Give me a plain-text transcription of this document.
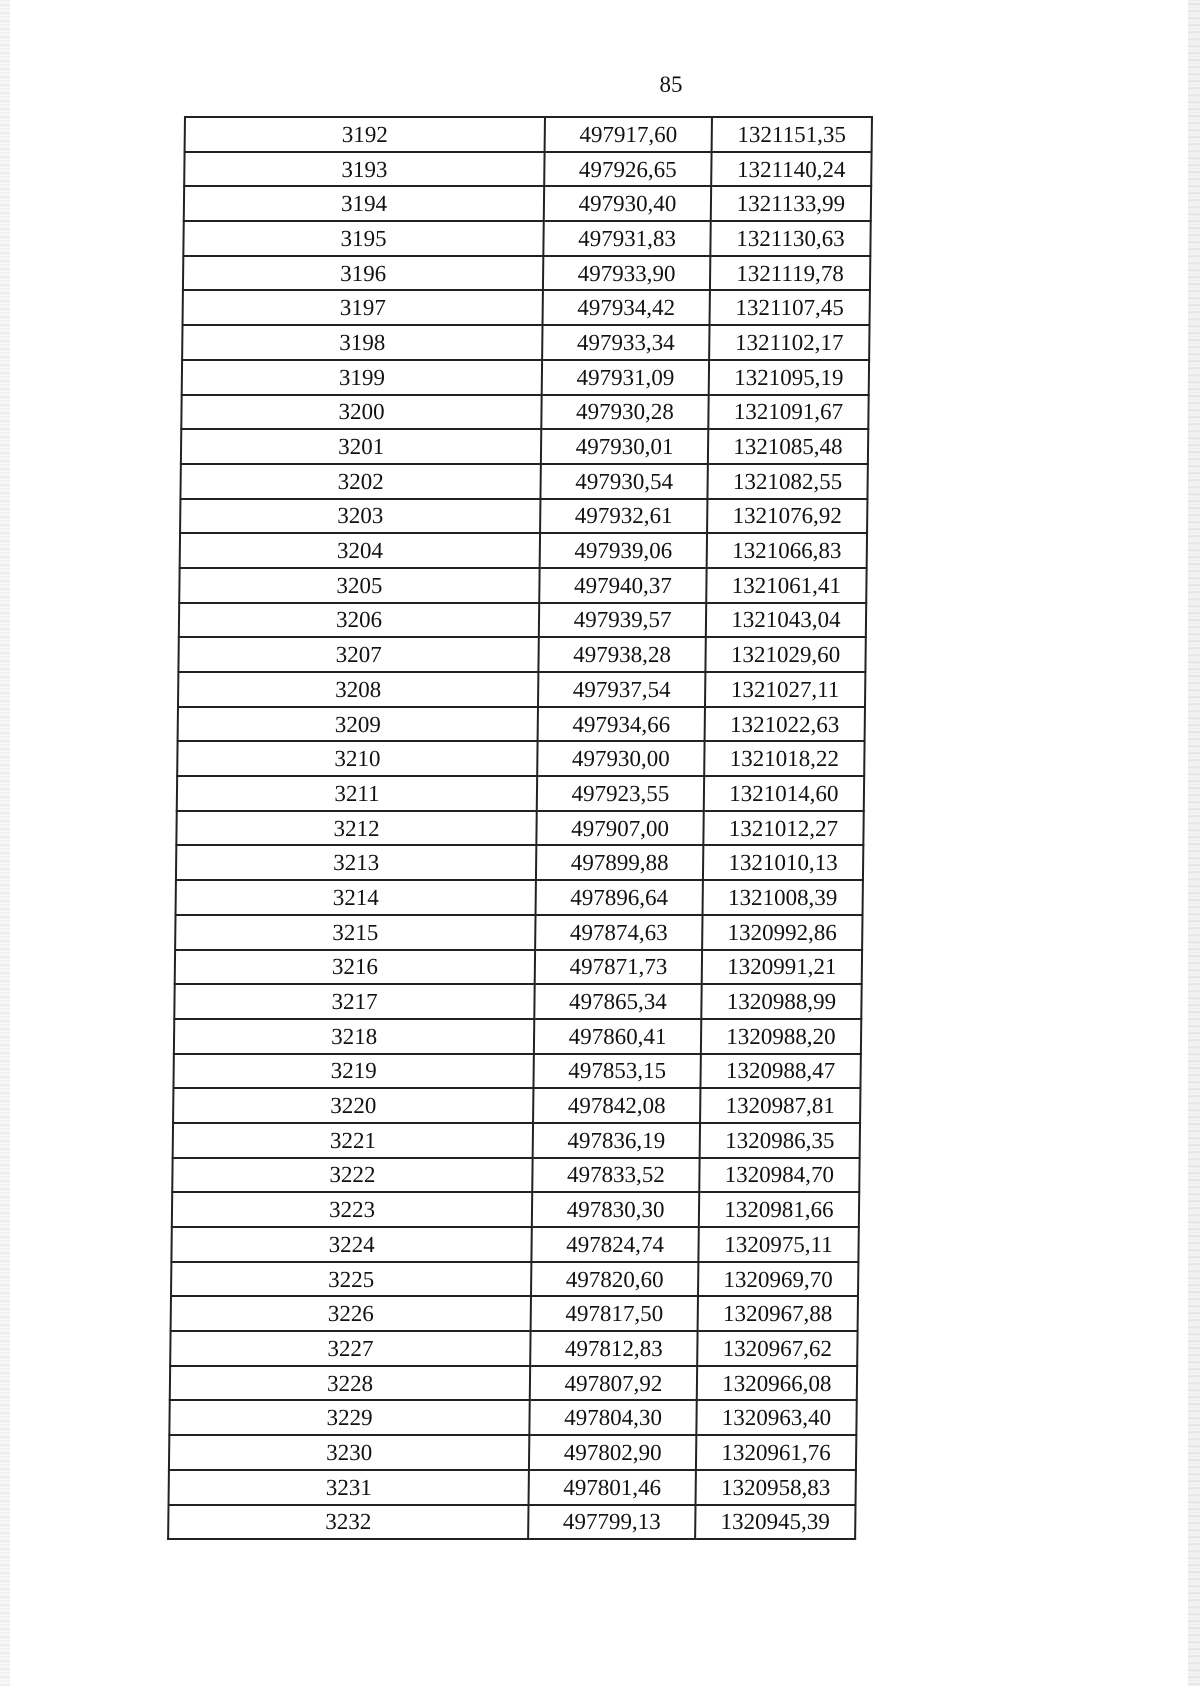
85
3192	497917,60	1321151,35
3193	497926,65	1321140,24
3194	497930,40	1321133,99
3195	497931,83	1321130,63
3196	497933,90	1321119,78
3197	497934,42	1321107,45
3198	497933,34	1321102,17
3199	497931,09	1321095,19
3200	497930,28	1321091,67
3201	497930,01	1321085,48
3202	497930,54	1321082,55
3203	497932,61	1321076,92
3204	497939,06	1321066,83
3205	497940,37	1321061,41
3206	497939,57	1321043,04
3207	497938,28	1321029,60
3208	497937,54	1321027,11
3209	497934,66	1321022,63
3210	497930,00	1321018,22
3211	497923,55	1321014,60
3212	497907,00	1321012,27
3213	497899,88	1321010,13
3214	497896,64	1321008,39
3215	497874,63	1320992,86
3216	497871,73	1320991,21
3217	497865,34	1320988,99
3218	497860,41	1320988,20
3219	497853,15	1320988,47
3220	497842,08	1320987,81
3221	497836,19	1320986,35
3222	497833,52	1320984,70
3223	497830,30	1320981,66
3224	497824,74	1320975,11
3225	497820,60	1320969,70
3226	497817,50	1320967,88
3227	497812,83	1320967,62
3228	497807,92	1320966,08
3229	497804,30	1320963,40
3230	497802,90	1320961,76
3231	497801,46	1320958,83
3232	497799,13	1320945,39
